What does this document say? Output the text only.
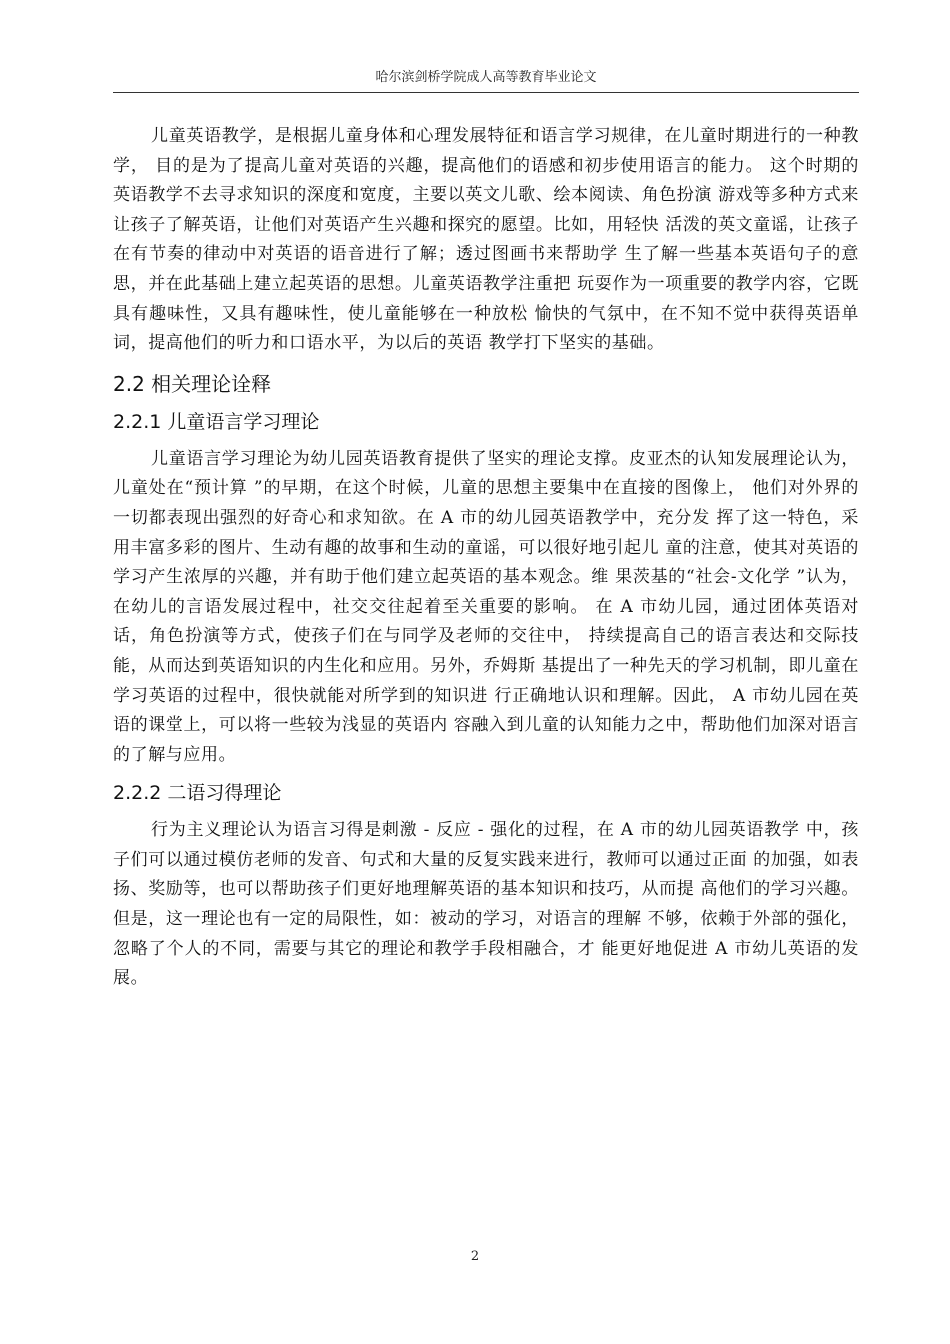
哈尔滨剑桥学院成人高等教育毕业论文

儿童英语教学，是根据儿童身体和心理发展特征和语言学习规律，在儿童时期进行的一种教学， 目的是为了提高儿童对英语的兴趣，提高他们的语感和初步使用语言的能力。 这个时期的英语教学不去寻求知识的深度和宽度，主要以英文儿歌、绘本阅读、角色扮演 游戏等多种方式来让孩子了解英语，让他们对英语产生兴趣和探究的愿望。比如，用轻快 活泼的英文童谣，让孩子在有节奏的律动中对英语的语音进行了解；透过图画书来帮助学 生了解一些基本英语句子的意思，并在此基础上建立起英语的思想。儿童英语教学注重把 玩耍作为一项重要的教学内容，它既具有趣味性，又具有趣味性，使儿童能够在一种放松 愉快的气氛中，在不知不觉中获得英语单词，提高他们的听力和口语水平，为以后的英语 教学打下坚实的基础。

2.2 相关理论诠释
2.2.1 儿童语言学习理论

儿童语言学习理论为幼儿园英语教育提供了坚实的理论支撑。皮亚杰的认知发展理论认为，儿童处在“预计算 ”的早期，在这个时候，儿童的思想主要集中在直接的图像上， 他们对外界的一切都表现出强烈的好奇心和求知欲。在 A 市的幼儿园英语教学中，充分发 挥了这一特色，采用丰富多彩的图片、生动有趣的故事和生动的童谣，可以很好地引起儿 童的注意，使其对英语的学习产生浓厚的兴趣，并有助于他们建立起英语的基本观念。维 果茨基的“社会-文化学 ”认为，在幼儿的言语发展过程中，社交交往起着至关重要的影响。 在 A 市幼儿园，通过团体英语对话，角色扮演等方式，使孩子们在与同学及老师的交往中， 持续提高自己的语言表达和交际技能，从而达到英语知识的内生化和应用。另外，乔姆斯 基提出了一种先天的学习机制，即儿童在学习英语的过程中，很快就能对所学到的知识进 行正确地认识和理解。因此， A 市幼儿园在英语的课堂上，可以将一些较为浅显的英语内 容融入到儿童的认知能力之中，帮助他们加深对语言的了解与应用。

2.2.2 二语习得理论

行为主义理论认为语言习得是刺激 - 反应 - 强化的过程，在 A 市的幼儿园英语教学 中，孩子们可以通过模仿老师的发音、句式和大量的反复实践来进行，教师可以通过正面 的加强，如表扬、奖励等，也可以帮助孩子们更好地理解英语的基本知识和技巧，从而提 高他们的学习兴趣。但是，这一理论也有一定的局限性，如：被动的学习，对语言的理解 不够，依赖于外部的强化，忽略了个人的不同，需要与其它的理论和教学手段相融合，才 能更好地促进 A 市幼儿英语的发展。

2
